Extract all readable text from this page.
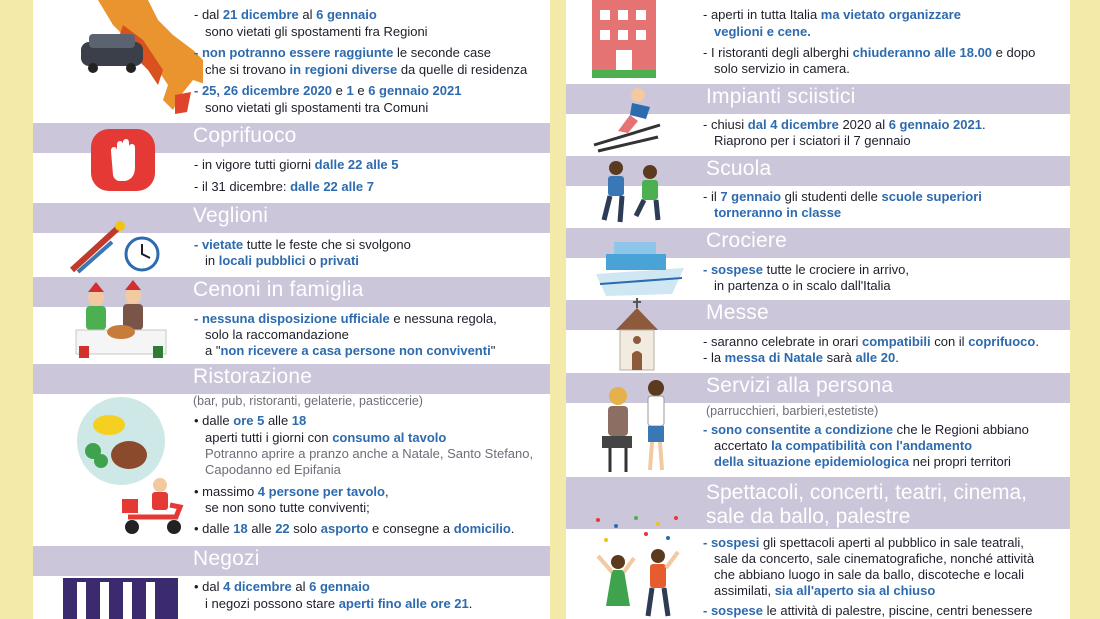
- dal 21 dicembre al 6 gennaio
sono vietati gli spostamenti fra Regioni
- non potranno essere raggiunte le seconde case
che si trovano in regioni diverse da quelle di residenza
- 25, 26 dicembre 2020 e 1 e 6 gennaio 2021
sono vietati gli spostamenti tra Comuni
Coprifuoco
- in vigore tutti giorni dalle 22 alle 5
- il 31 dicembre: dalle 22 alle 7
Veglioni
- vietate tutte le feste che si svolgono
in locali pubblici o privati
Cenoni in famiglia
- nessuna disposizione ufficiale e nessuna regola,
solo la raccomandazione
a "non ricevere a casa persone non conviventi"
Ristorazione
(bar, pub, ristoranti, gelaterie, pasticcerie)
• dalle ore 5 alle 18
aperti tutti i giorni con consumo al tavolo
Potranno aprire a pranzo anche a Natale, Santo Stefano,
Capodanno ed Epifania
• massimo 4 persone per tavolo,
se non sono tutte conviventi;
• dalle 18 alle 22 solo asporto e consegne a domicilio.
Negozi
• dal 4 dicembre al 6 gennaio
i negozi possono stare aperti fino alle ore 21.
- aperti in tutta Italia ma vietato organizzare
veglioni e cene.
- I ristoranti degli alberghi chiuderanno alle 18.00 e dopo
solo servizio in camera.
Impianti sciistici
- chiusi dal 4 dicembre 2020 al 6 gennaio 2021.
Riaprono per i sciatori il 7 gennaio
Scuola
- il 7 gennaio gli studenti delle scuole superiori
torneranno in classe
Crociere
- sospese tutte le crociere in arrivo,
in partenza o in scalo dall'Italia
Messe
- saranno celebrate in orari compatibili con il coprifuoco.
- la messa di Natale sarà alle 20.
Servizi alla persona
(parrucchieri, barbieri,estetiste)
- sono consentite a condizione che le Regioni abbiano
accertato la compatibilità con l'andamento
della situazione epidemiologica nei propri territori
Spettacoli, concerti, teatri, cinema,
sale da ballo, palestre
- sospesi gli spettacoli aperti al pubblico in sale teatrali,
sale da concerto, sale cinematografiche, nonché attività
che abbiano luogo in sale da ballo, discoteche e locali
assimilati, sia all'aperto sia al chiuso
- sospese le attività di palestre, piscine, centri benessere
